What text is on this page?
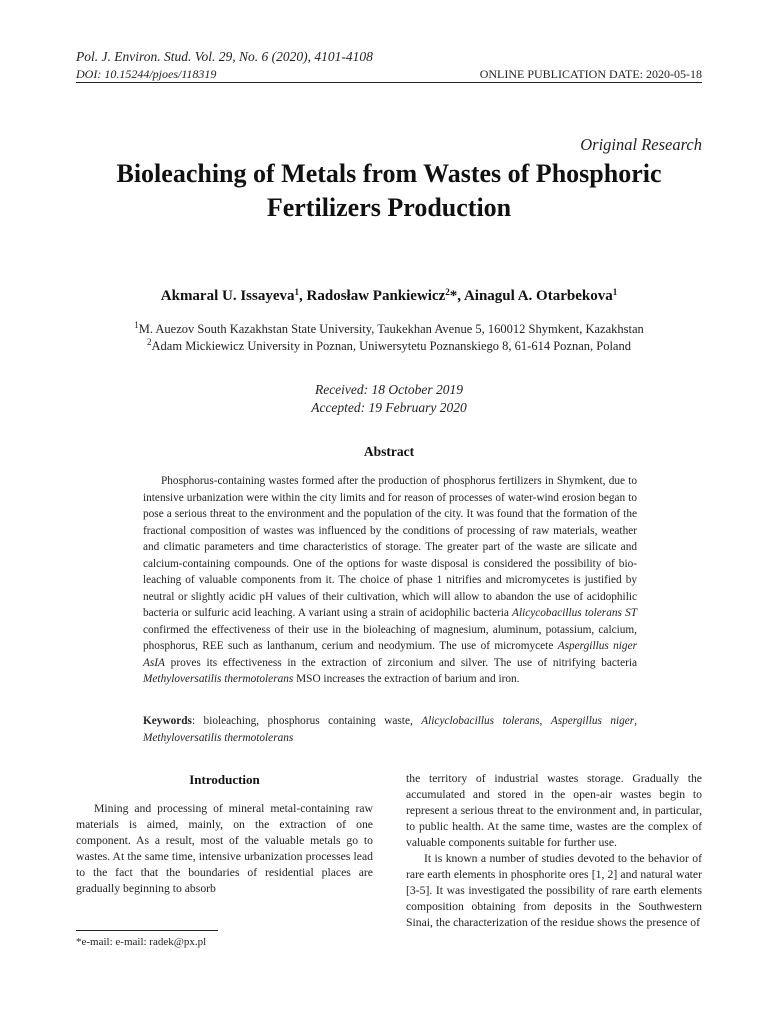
Pol. J. Environ. Stud. Vol. 29, No. 6 (2020), 4101-4108
DOI: 10.15244/pjoes/118319	ONLINE PUBLICATION DATE: 2020-05-18
Original Research
Bioleaching of Metals from Wastes of Phosphoric Fertilizers Production
Akmaral U. Issayeva$^1$, Radosław Pankiewicz$^2$*, Ainagul A. Otarbekova$^1$
$^1$M. Auezov South Kazakhstan State University, Taukekhan Avenue 5, 160012 Shymkent, Kazakhstan
$^2$Adam Mickiewicz University in Poznan, Uniwersytetu Poznanskiego 8, 61-614 Poznan, Poland
Received: 18 October 2019
Accepted: 19 February 2020
Abstract

Phosphorus-containing wastes formed after the production of phosphorus fertilizers in Shymkent, due to intensive urbanization were within the city limits and for reason of processes of water-wind erosion began to pose a serious threat to the environment and the population of the city. It was found that the formation of the fractional composition of wastes was influenced by the conditions of processing of raw materials, weather and climatic parameters and time characteristics of storage. The greater part of the waste are silicate and calcium-containing compounds. One of the options for waste disposal is considered the possibility of bio-leaching of valuable components from it. The choice of phase 1 nitrifies and micromycetes is justified by neutral or slightly acidic pH values of their cultivation, which will allow to abandon the use of acidophilic bacteria or sulfuric acid leaching. A variant using a strain of acidophilic bacteria Alicycobacillus tolerans ST confirmed the effectiveness of their use in the bioleaching of magnesium, aluminum, potassium, calcium, phosphorus, REE such as lanthanum, cerium and neodymium. The use of micromycete Aspergillus niger AsIA proves its effectiveness in the extraction of zirconium and silver. The use of nitrifying bacteria Methyloversatilis thermotolerans MSO increases the extraction of barium and iron.

Keywords: bioleaching, phosphorus containing waste, Alicyclobacillus tolerans, Aspergillus niger, Methyloversatilis thermotolerans
Introduction

Mining and processing of mineral metal-containing raw materials is aimed, mainly, on the extraction of one component. As a result, most of the valuable metals go to wastes. At the same time, intensive urbanization processes lead to the fact that the boundaries of residential places are gradually beginning to absorb

the territory of industrial wastes storage. Gradually the accumulated and stored in the open-air wastes begin to represent a serious threat to the environment and, in particular, to public health. At the same time, wastes are the complex of valuable components suitable for further use.

It is known a number of studies devoted to the behavior of rare earth elements in phosphorite ores [1, 2] and natural water [3-5]. It was investigated the possibility of rare earth elements composition obtaining from deposits in the Southwestern Sinai, the characterization of the residue shows the presence of

*e-mail: e-mail: radek@px.pl
